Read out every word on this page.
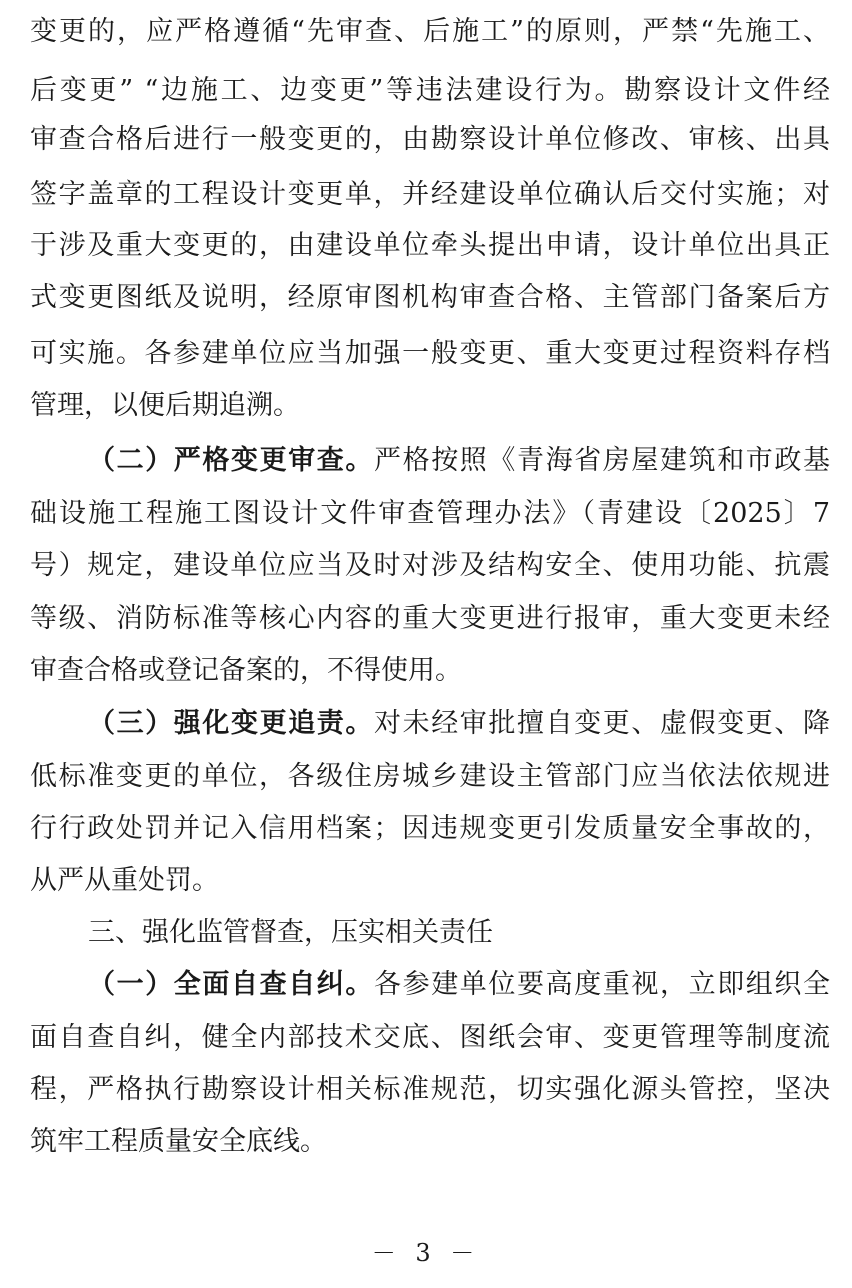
变更的，应严格遵循“先审查、后施工”的原则，严禁“先施工、
后变更” “边施工、边变更”等违法建设行为。勘察设计文件经
审查合格后进行一般变更的，由勘察设计单位修改、审核、出具
签字盖章的工程设计变更单，并经建设单位确认后交付实施；对
于涉及重大变更的，由建设单位牵头提出申请，设计单位出具正
式变更图纸及说明，经原审图机构审查合格、主管部门备案后方
可实施。各参建单位应当加强一般变更、重大变更过程资料存档
管理，以便后期追溯。
（二）严格变更审查。严格按照《青海省房屋建筑和市政基
础设施工程施工图设计文件审查管理办法》（青建设〔2025〕7
号）规定，建设单位应当及时对涉及结构安全、使用功能、抗震
等级、消防标准等核心内容的重大变更进行报审，重大变更未经
审查合格或登记备案的，不得使用。
（三）强化变更追责。对未经审批擅自变更、虚假变更、降
低标准变更的单位，各级住房城乡建设主管部门应当依法依规进
行行政处罚并记入信用档案；因违规变更引发质量安全事故的，
从严从重处罚。
三、强化监管督查，压实相关责任
（一）全面自查自纠。各参建单位要高度重视，立即组织全
面自查自纠，健全内部技术交底、图纸会审、变更管理等制度流
程，严格执行勘察设计相关标准规范，切实强化源头管控，坚决
筑牢工程质量安全底线。
－ 3 －
